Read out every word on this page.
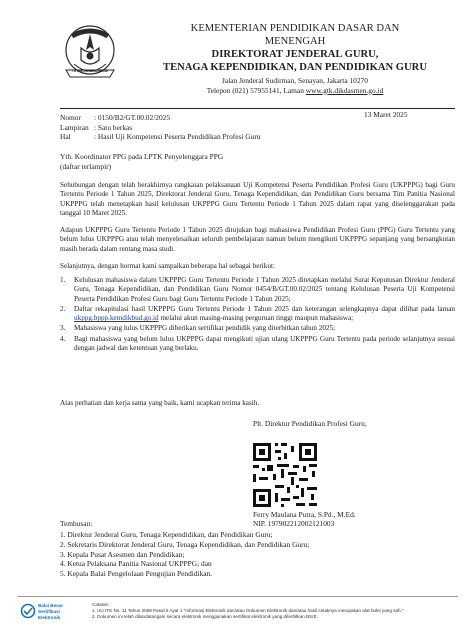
TUT WURI HANDAYANI
KEMENTERIAN PENDIDIKAN DASAR DAN
MENENGAH
DIREKTORAT JENDERAL GURU,
TENAGA KEPENDIDIKAN, DAN PENDIDIKAN GURU
Jalan Jenderal Sudirman, Senayan, Jakarta 10270
Telepon (021) 57955141, Laman www.gtk.dikdasmen.go.id
13 Maret 2025
Nomor	: 0150/B2/GT.00.02/2025
Lampiran : Satu berkas
Hal	: Hasil Uji Kompetensi Peserta Pendidikan Profesi Guru
Yth. Koordinator PPG pada LPTK Penyelenggara PPG
(daftar terlampir)
Sehubungan dengan telah berakhirnya rangkaian pelaksanaan Uji Kompetensi Peserta Pendidikan Profesi Guru (UKPPPG) bagi Guru Tertentu Periode 1 Tahun 2025, Direktorat Jenderal Guru, Tenaga Kependidikan, dan Pendidikan Guru bersama Tim Panitia Nasional UKPPPG telah menetapkan hasil kelulusan UKPPPG Guru Tertentu Periode 1 Tahun 2025 dalam rapat yang diselenggarakan pada tanggal 10 Maret 2025.
Adapun UKPPPG Guru Tertentu Periode 1 Tahun 2025 ditujukan bagi mahasiswa Pendidikan Profesi Guru (PPG) Guru Tertentu yang belum lulus UKPPPG atau telah menyelesaikan seluruh pembelajaran namun belum mengikuti UKPPPG sepanjang yang bersangkutan masih berada dalam rentang masa studi.
Selanjutnya, dengan hormat kami sampaikan beberapa hal sebagai berikut:
1.	Kelulusan mahasiswa dalam UKPPPG Guru Tertentu Periode 1 Tahun 2025 ditetapkan melalui Surat Keputusan Direktur Jenderal Guru, Tenaga Kependidikan, dan Pendidikan Guru Nomor 0454/B/GT.00.02/2025 tentang Kelulusan Peserta Uji Kompetensi Peserta Pendidikan Profesi Guru bagi Guru Tertentu Periode 1 Tahun 2025;
2.	Daftar rekapitulasi hasil UKPPPG Guru Tertentu Periode 1 Tahun 2025 dan keterangan selengkapnya dapat dilihat pada laman ukppg.bppp.kemdikbud.go.id melalui akun masing-masing perguruan tinggi maupun mahasiswa;
3.	Mahasiswa yang lulus UKPPPG diberikan sertifikat pendidik yang diterbitkan tahun 2025;
4.	Bagi mahasiswa yang belum lulus UKPPPG dapat mengikuti ujian ulang UKPPPG Guru Tertentu pada periode selanjutnya sesuai dengan jadwal dan ketentuan yang berlaku.
Atas perhatian dan kerja sama yang baik, kami ucapkan terima kasih.
Plt. Direktur Pendidikan Profesi Guru,
Ferry Maulana Putra, S.Pd., M.Ed.
NIP. 197902212002121003
Tembusan:
1. Direktur Jenderal Guru, Tenaga Kependidikan, dan Pendidikan Guru;
2. Sekretaris Direktorat Jenderal Guru, Tenaga Kependidikan, dan Pendidikan Guru;
3. Kepala Pusat Asesmen dan Pendidikan;
4. Ketua Pelaksana Panitia Nasional UKPPPG; dan
5. Kepala Balai Pengelolaan Pengujian Pendidikan.
Balai Besar Sertifikasi Elektronik
Catatan :
1. UU ITE No. 11 Tahun 2008 Pasal 5 Ayat 1 "Informasi Elektronik dan/atau Dokumen Elektronik dan/atau hasil cetaknya merupakan alat bukti yang sah."
2. Dokumen ini telah ditandatangani secara elektronik menggunakan sertifikat elektronik yang diterbitkan BSrE.
